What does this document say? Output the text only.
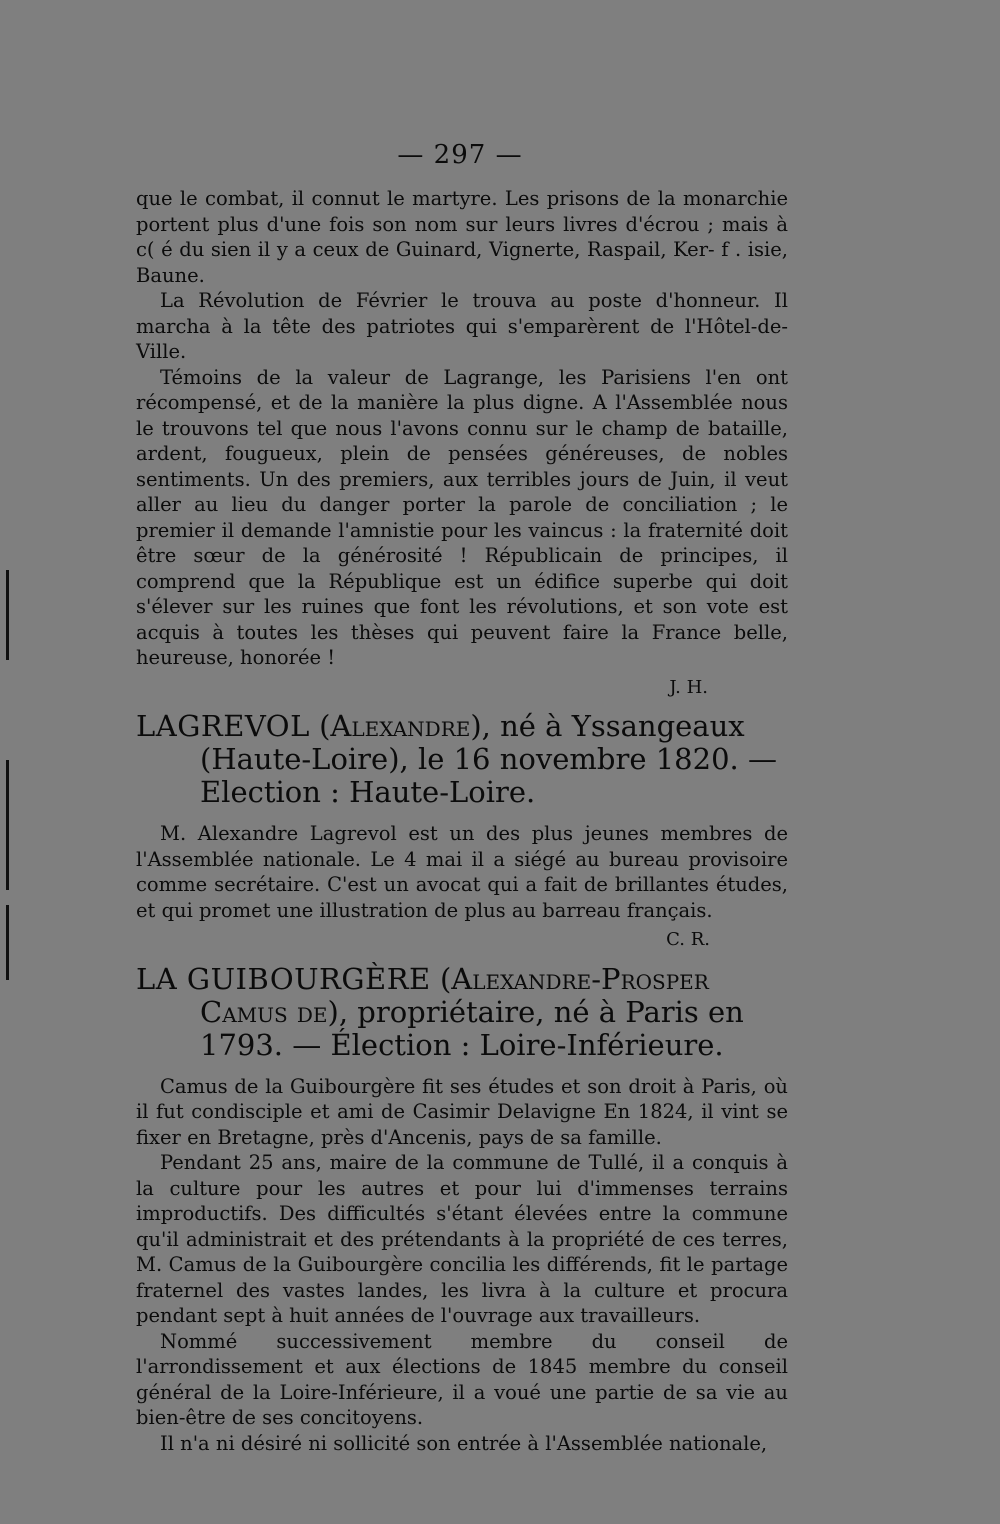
— 297 —

que le combat, il connut le martyre. Les prisons de la monarchie portent plus d'une fois son nom sur leurs livres d'écrou ; mais à c( é du sien il y a ceux de Guinard, Vignerte, Raspail, Ker- f . isie, Baune.

La Révolution de Février le trouva au poste d'honneur. Il marcha à la tête des patriotes qui s'emparèrent de l'Hôtel-de-Ville.

Témoins de la valeur de Lagrange, les Parisiens l'en ont récompensé, et de la manière la plus digne. A l'Assemblée nous le trouvons tel que nous l'avons connu sur le champ de bataille, ardent, fougueux, plein de pensées généreuses, de nobles sentiments. Un des premiers, aux terribles jours de Juin, il veut aller au lieu du danger porter la parole de conciliation ; le premier il demande l'amnistie pour les vaincus : la fraternité doit être sœur de la générosité ! Républicain de principes, il comprend que la République est un édifice superbe qui doit s'élever sur les ruines que font les révolutions, et son vote est acquis à toutes les thèses qui peuvent faire la France belle, heureuse, honorée !

J. H.
LAGREVOL (Alexandre), né à Yssangeaux (Haute-Loire), le 16 novembre 1820. — Election : Haute-Loire.

M. Alexandre Lagrevol est un des plus jeunes membres de l'Assemblée nationale. Le 4 mai il a siégé au bureau provisoire comme secrétaire. C'est un avocat qui a fait de brillantes études, et qui promet une illustration de plus au barreau français.

C. R.
LA GUIBOURGÈRE (Alexandre-Prosper Camus de), propriétaire, né à Paris en 1793. — Élection : Loire-Inférieure.

Camus de la Guibourgère fit ses études et son droit à Paris, où il fut condisciple et ami de Casimir Delavigne En 1824, il vint se fixer en Bretagne, près d'Ancenis, pays de sa famille.

Pendant 25 ans, maire de la commune de Tullé, il a conquis à la culture pour les autres et pour lui d'immenses terrains improductifs. Des difficultés s'étant élevées entre la commune qu'il administrait et des prétendants à la propriété de ces terres, M. Camus de la Guibourgère concilia les différends, fit le partage fraternel des vastes landes, les livra à la culture et procura pendant sept à huit années de l'ouvrage aux travailleurs.

Nommé successivement membre du conseil de l'arrondissement et aux élections de 1845 membre du conseil général de la Loire-Inférieure, il a voué une partie de sa vie au bien-être de ses concitoyens.

Il n'a ni désiré ni sollicité son entrée à l'Assemblée nationale,
